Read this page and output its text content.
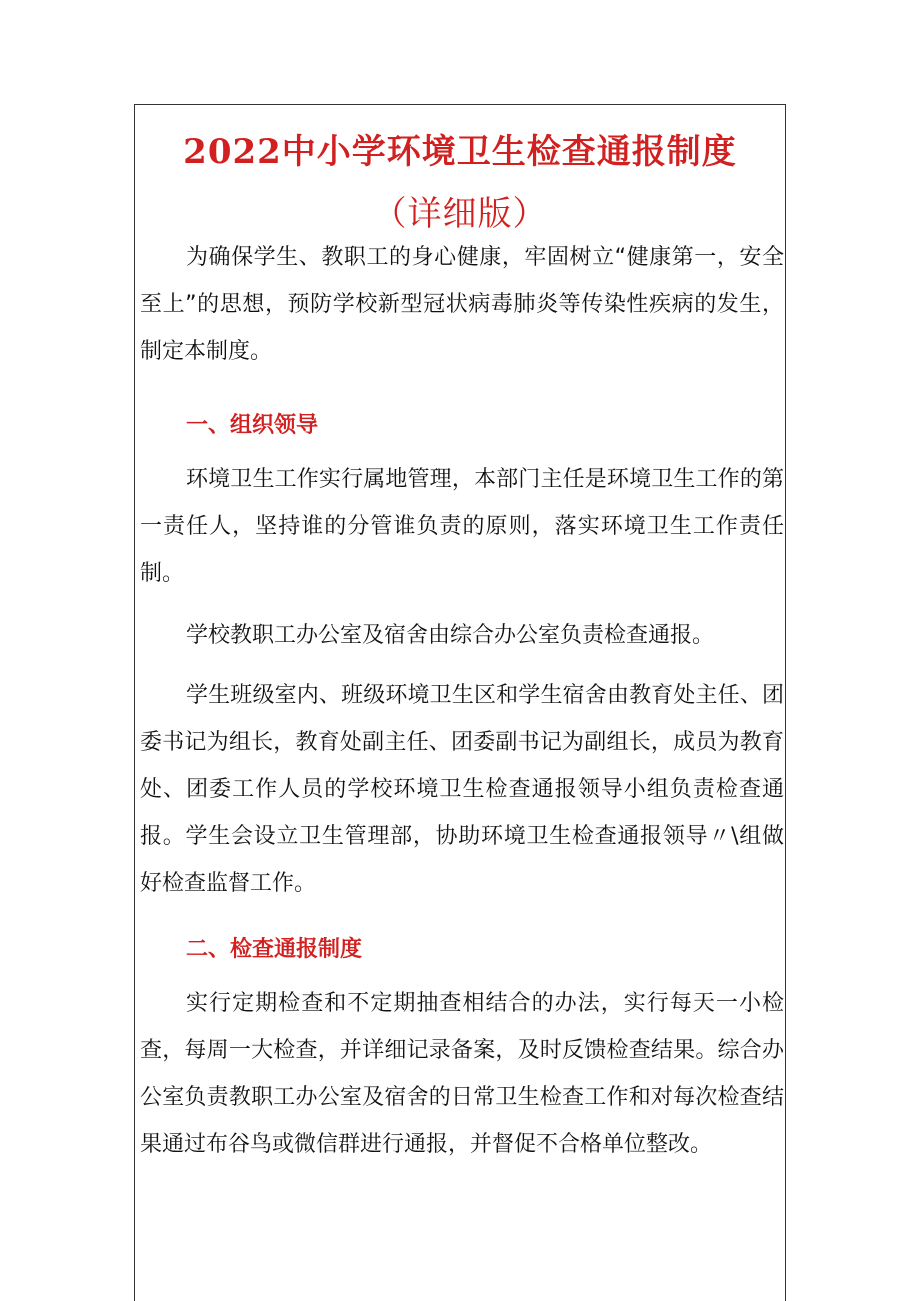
2022中小学环境卫生检查通报制度
（详细版）

为确保学生、教职工的身心健康，牢固树立“健康第一，安全至上”的思想，预防学校新型冠状病毒肺炎等传染性疾病的发生，制定本制度。

一、组织领导

环境卫生工作实行属地管理，本部门主任是环境卫生工作的第一责任人，坚持谁的分管谁负责的原则，落实环境卫生工作责任制。

学校教职工办公室及宿舍由综合办公室负责检查通报。

学生班级室内、班级环境卫生区和学生宿舍由教育处主任、团委书记为组长，教育处副主任、团委副书记为副组长，成员为教育处、团委工作人员的学校环境卫生检查通报领导小组负责检查通报。学生会设立卫生管理部，协助环境卫生检查通报领导〃\组做好检查监督工作。

二、检查通报制度

实行定期检查和不定期抽查相结合的办法，实行每天一小检查，每周一大检查，并详细记录备案，及时反馈检查结果。综合办公室负责教职工办公室及宿舍的日常卫生检查工作和对每次检查结果通过布谷鸟或微信群进行通报，并督促不合格单位整改。
